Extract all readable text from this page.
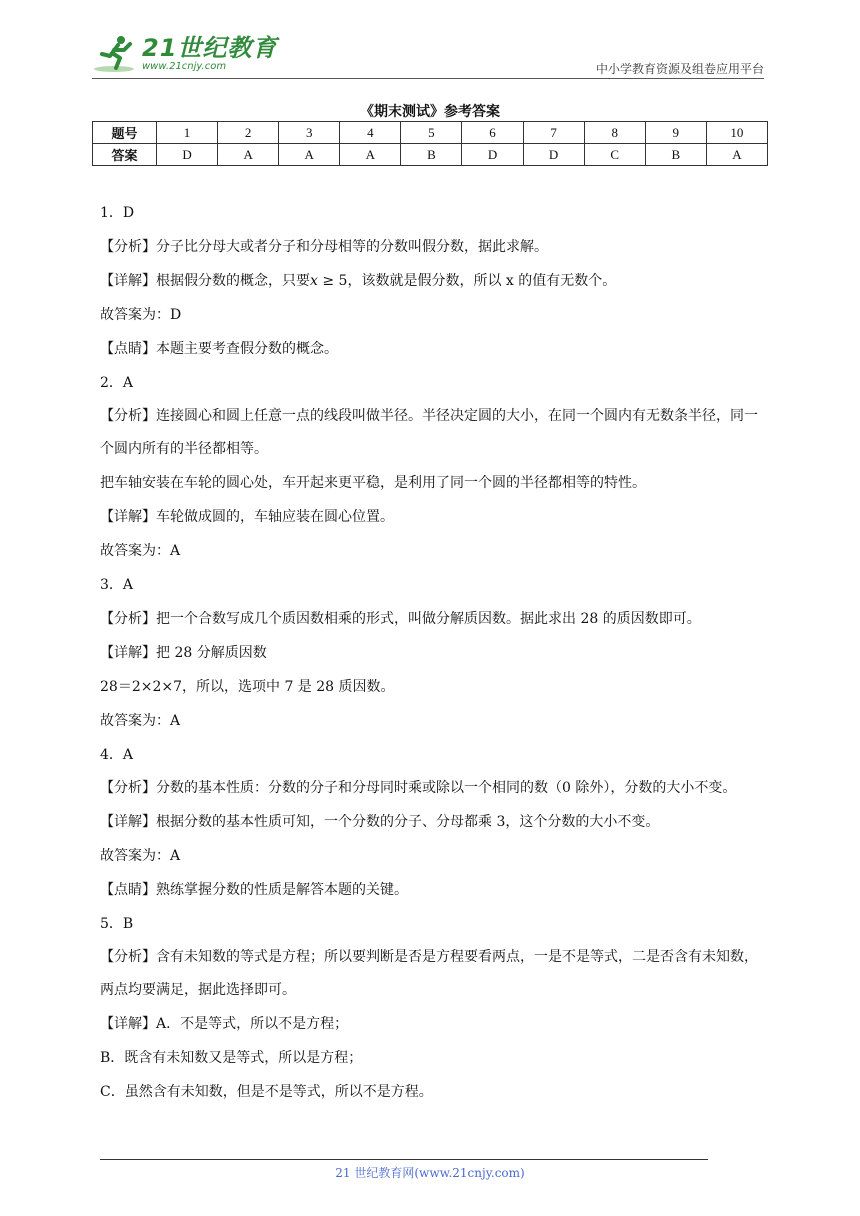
21世纪教育
www.21cnjy.com	中小学教育资源及组卷应用平台
《期末测试》参考答案
题号	1	2	3	4	5	6	7	8	9	10
答案	D	A	A	A	B	D	D	C	B	A

1．D

【分析】分子比分母大或者分子和分母相等的分数叫假分数，据此求解。

【详解】根据假分数的概念，只要x ≥ 5，该数就是假分数，所以 x 的值有无数个。

故答案为：D

【点睛】本题主要考查假分数的概念。

2．A

【分析】连接圆心和圆上任意一点的线段叫做半径。半径决定圆的大小，在同一个圆内有无数条半径，同一个圆内所有的半径都相等。

把车轴安装在车轮的圆心处，车开起来更平稳，是利用了同一个圆的半径都相等的特性。

【详解】车轮做成圆的，车轴应装在圆心位置。

故答案为：A

3．A

【分析】把一个合数写成几个质因数相乘的形式，叫做分解质因数。据此求出 28 的质因数即可。

【详解】把 28 分解质因数

28＝2×2×7，所以，选项中 7 是 28 质因数。

故答案为：A

4．A

【分析】分数的基本性质：分数的分子和分母同时乘或除以一个相同的数（0 除外），分数的大小不变。

【详解】根据分数的基本性质可知，一个分数的分子、分母都乘 3，这个分数的大小不变。

故答案为：A

【点睛】熟练掌握分数的性质是解答本题的关键。

5．B

【分析】含有未知数的等式是方程；所以要判断是否是方程要看两点，一是不是等式，二是否含有未知数，两点均要满足，据此选择即可。

【详解】A．不是等式，所以不是方程；

B．既含有未知数又是等式，所以是方程；

C．虽然含有未知数，但是不是等式，所以不是方程。

21 世纪教育网(www.21cnjy.com)
